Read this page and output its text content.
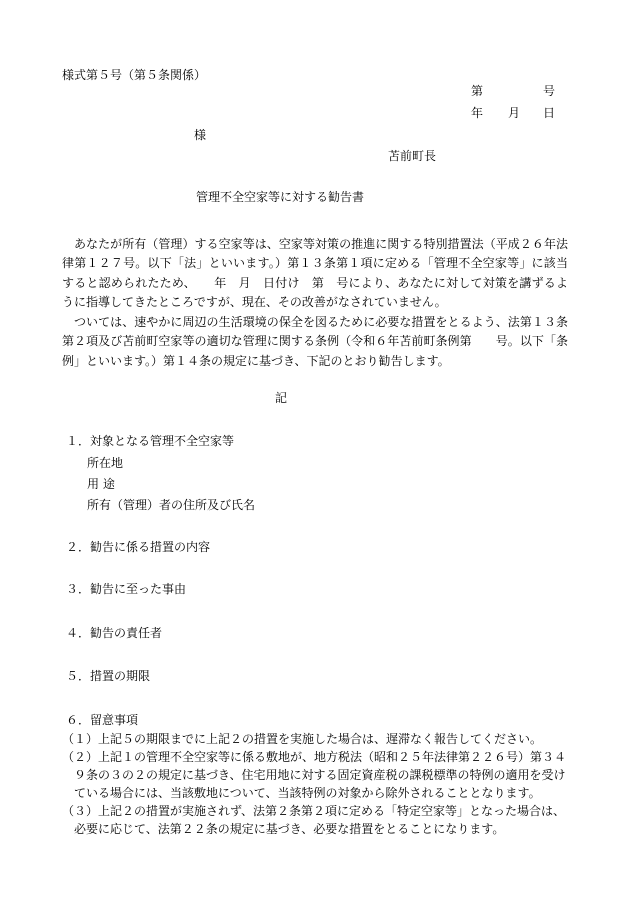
様式第５号（第５条関係）
第	号
年 月 日
様
苫前町長
管理不全空家等に対する勧告書
あなたが所有（管理）する空家等は、空家等対策の推進に関する特別措置法（平成２６年法律第１２７号。以下「法」といいます。）第１３条第１項に定める「管理不全空家等」に該当すると認められたため、　　年　月　日付け　第　号により、あなたに対して対策を講ずるように指導してきたところですが、現在、その改善がなされていません。
ついては、速やかに周辺の生活環境の保全を図るために必要な措置をとるよう、法第１３条第２項及び苫前町空家等の適切な管理に関する条例（令和６年苫前町条例第　　号。以下「条例」といいます。）第１４条の規定に基づき、下記のとおり勧告します。
記
１．対象となる管理不全空家等
所在地
用 途
所有（管理）者の住所及び氏名
２．勧告に係る措置の内容
３．勧告に至った事由
４．勧告の責任者
５．措置の期限
６．留意事項
（１）上記５の期限までに上記２の措置を実施した場合は、遅滞なく報告してください。
（２）上記１の管理不全空家等に係る敷地が、地方税法（昭和２５年法律第２２６号）第３４
９条の３の２の規定に基づき、住宅用地に対する固定資産税の課税標準の特例の適用を受け
ている場合には、当該敷地について、当該特例の対象から除外されることとなります。
（３）上記２の措置が実施されず、法第２条第２項に定める「特定空家等」となった場合は、
必要に応じて、法第２２条の規定に基づき、必要な措置をとることになります。
